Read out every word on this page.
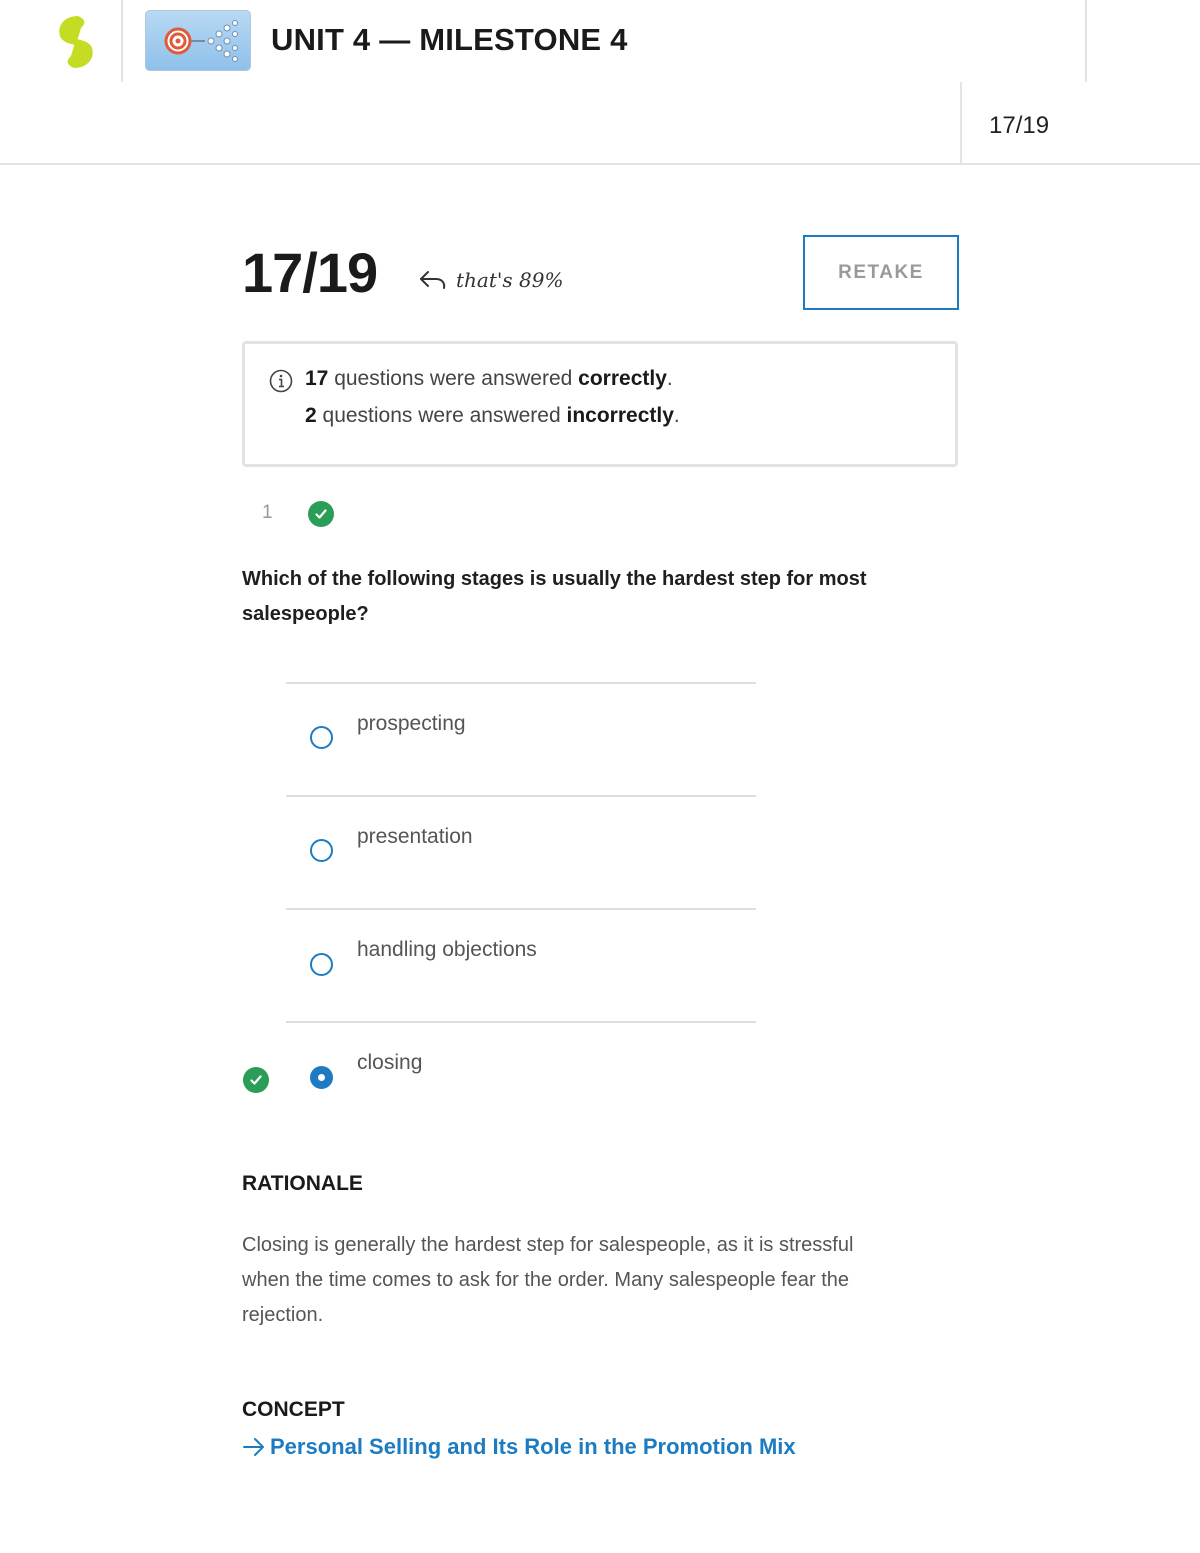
UNIT 4 — MILESTONE 4
17/19
17/19	that's 89%	RETAKE
17 questions were answered correctly.
2 questions were answered incorrectly.
1
Which of the following stages is usually the hardest step for most salespeople?
prospecting
presentation
handling objections
closing
RATIONALE
Closing is generally the hardest step for salespeople, as it is stressful when the time comes to ask for the order. Many salespeople fear the rejection.
CONCEPT
Personal Selling and Its Role in the Promotion Mix
